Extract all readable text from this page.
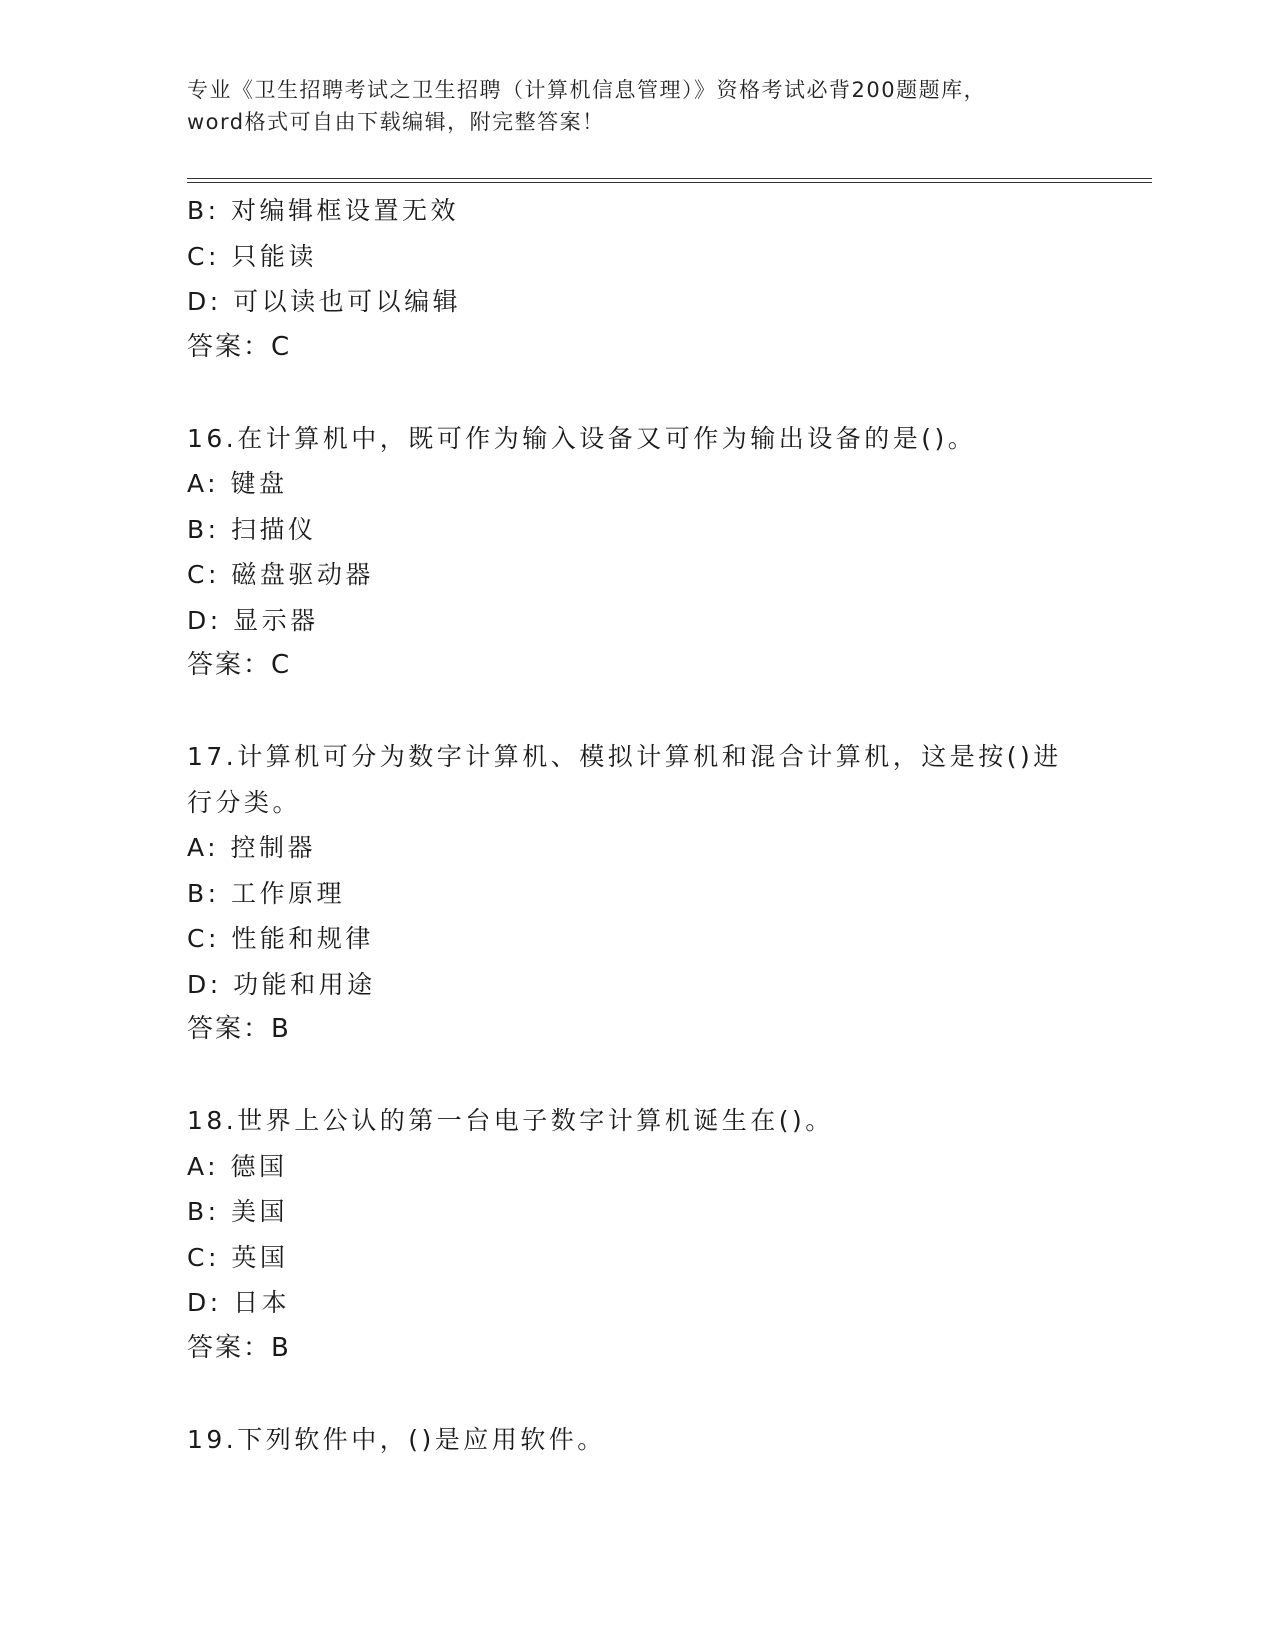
专业《卫生招聘考试之卫生招聘（计算机信息管理）》资格考试必背200题题库，
word格式可自由下载编辑，附完整答案！
B: 对编辑框设置无效
C: 只能读
D: 可以读也可以编辑
答案：C
16.在计算机中，既可作为输入设备又可作为输出设备的是()。
A: 键盘
B: 扫描仪
C: 磁盘驱动器
D: 显示器
答案：C
17.计算机可分为数字计算机、模拟计算机和混合计算机，这是按()进
行分类。
A: 控制器
B: 工作原理
C: 性能和规律
D: 功能和用途
答案：B
18.世界上公认的第一台电子数字计算机诞生在()。
A: 德国
B: 美国
C: 英国
D: 日本
答案：B
19.下列软件中，()是应用软件。
